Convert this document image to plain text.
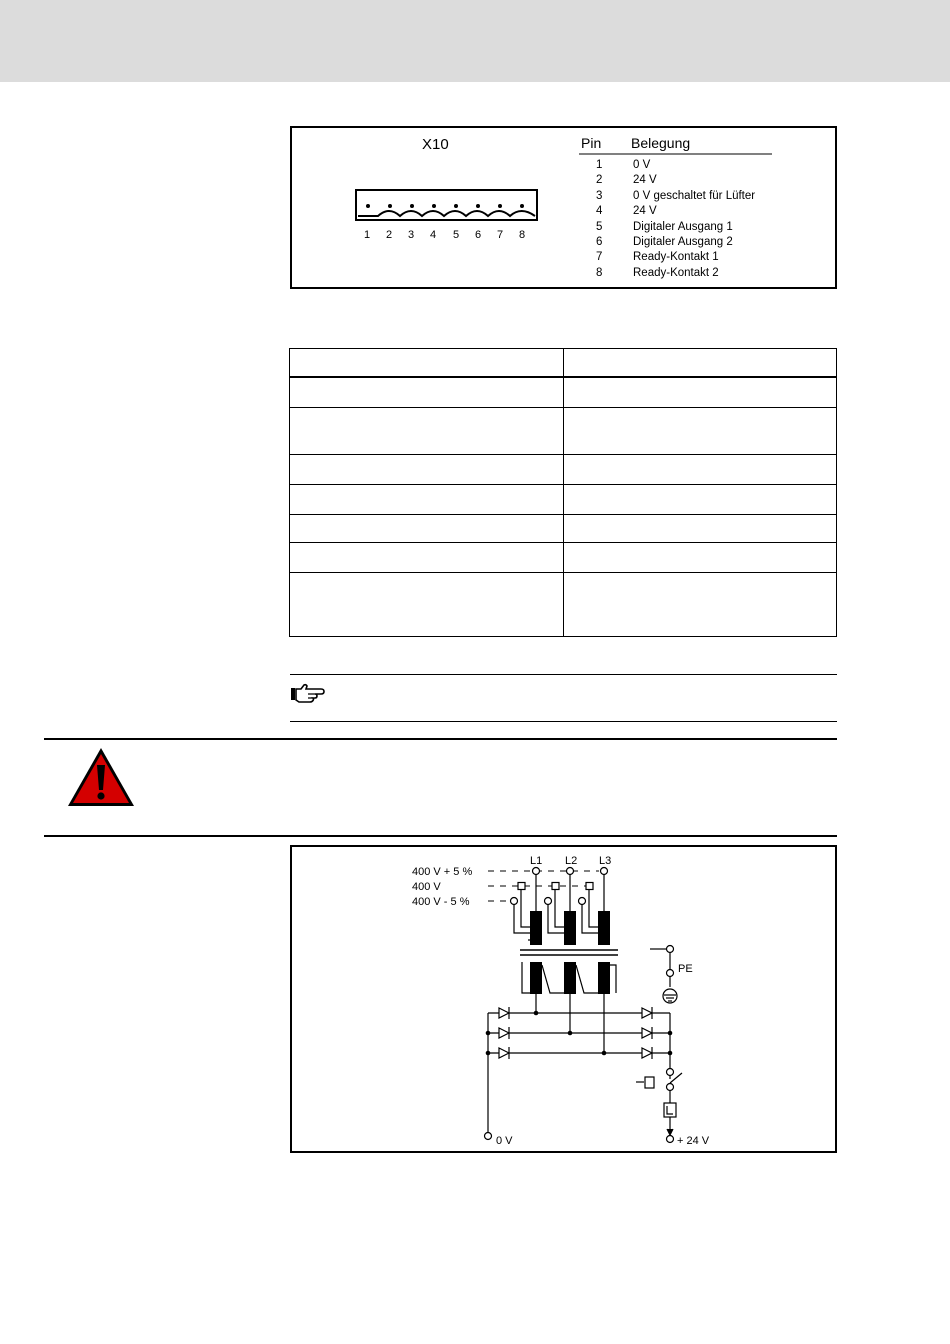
X10
1 2 3 4 5 6 7 8
Pin Belegung
1	0 V
2	24 V
3	0 V geschaltet für Lüfter
4	24 V
5	Digitaler Ausgang 1
6	Digitaler Ausgang 2
7	Ready-Kontakt 1
8	Ready-Kontakt 2

400 V + 5 %
400 V
400 V - 5 %
L1 L2 L3
PE
0 V	+ 24 V
